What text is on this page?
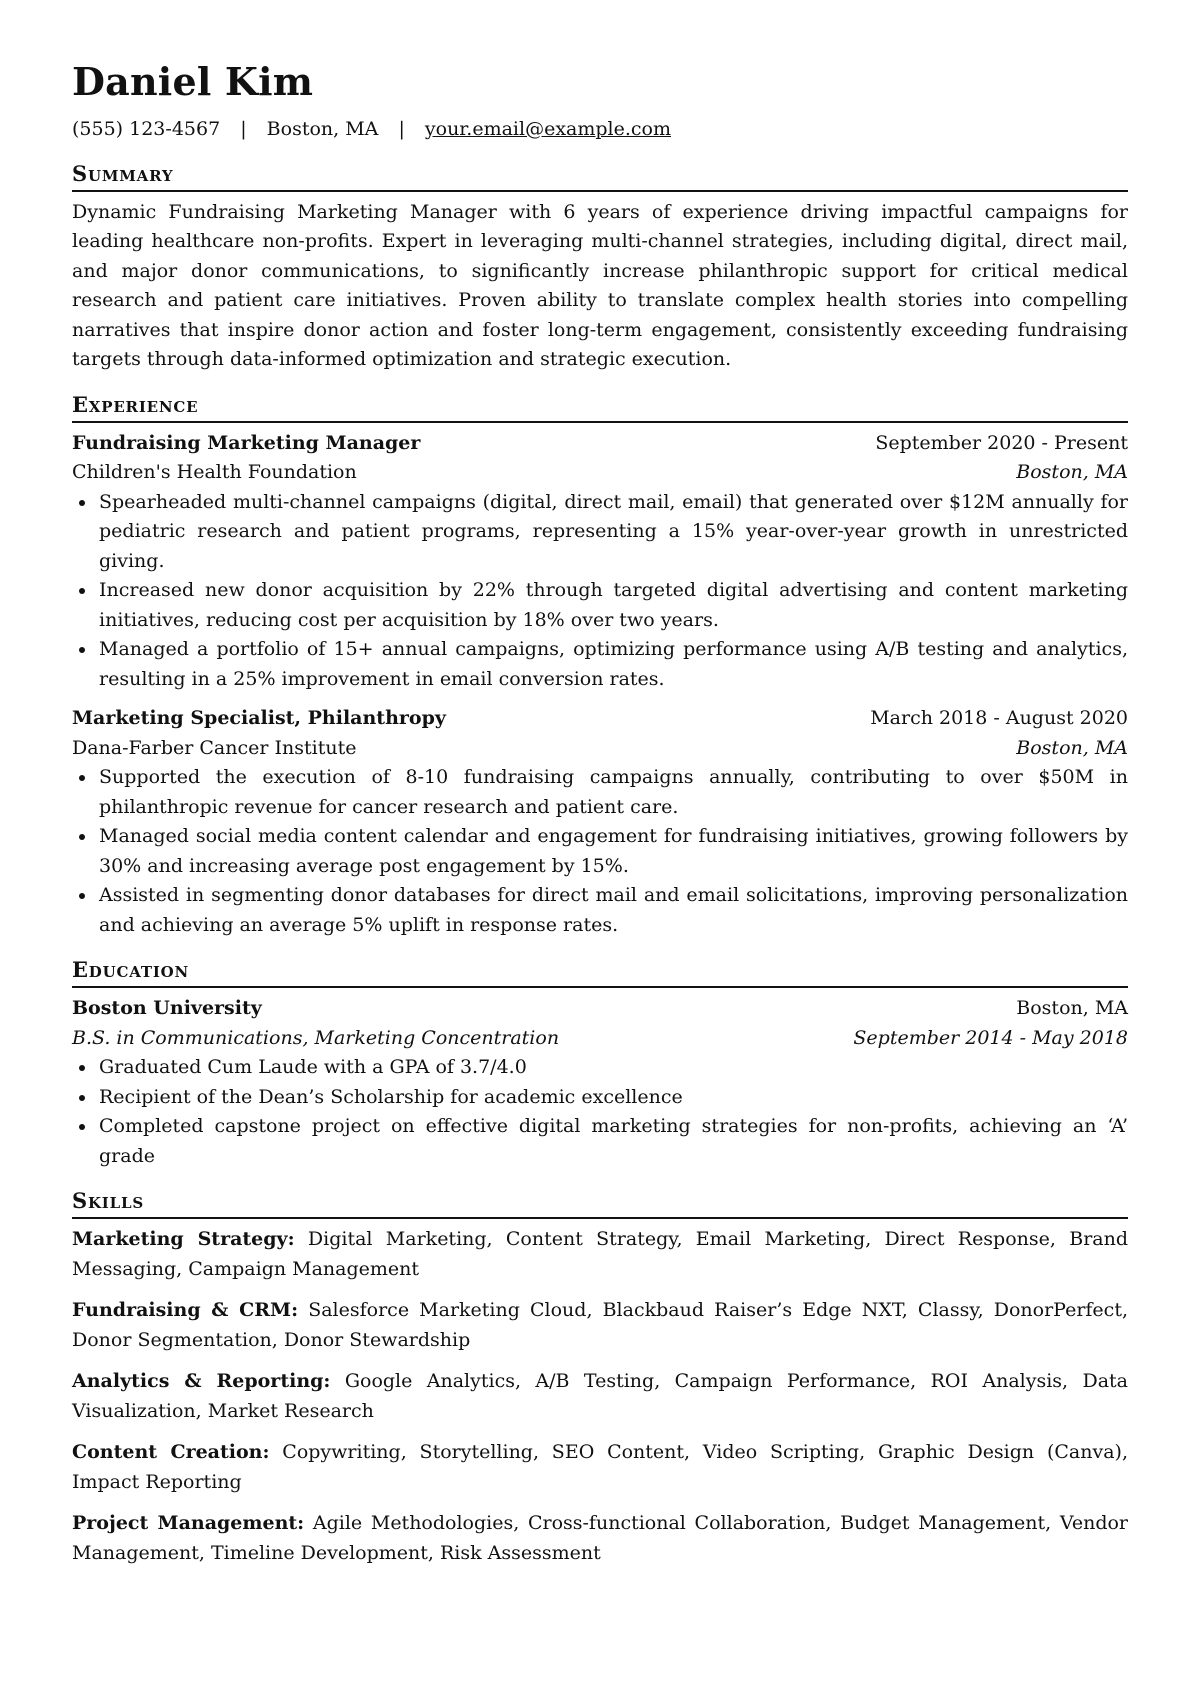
Daniel Kim
(555) 123-4567 | Boston, MA | your.email@example.com
Summary

Dynamic Fundraising Marketing Manager with 6 years of experience driving impactful campaigns for leading healthcare non-profits. Expert in leveraging multi-channel strategies, including digital, direct mail, and major donor communications, to significantly increase philanthropic support for critical medical research and patient care initiatives. Proven ability to translate complex health stories into compelling narratives that inspire donor action and foster long-term engagement, consistently exceeding fundraising targets through data-informed optimization and strategic execution.

Experience
Fundraising Marketing Manager	September 2020 - Present
Children's Health Foundation	Boston, MA
Spearheaded multi-channel campaigns (digital, direct mail, email) that generated over $12M annually for pediatric research and patient programs, representing a 15% year-over-year growth in unrestricted giving.
Increased new donor acquisition by 22% through targeted digital advertising and content marketing initiatives, reducing cost per acquisition by 18% over two years.
Managed a portfolio of 15+ annual campaigns, optimizing performance using A/B testing and analytics, resulting in a 25% improvement in email conversion rates.
Marketing Specialist, Philanthropy	March 2018 - August 2020
Dana-Farber Cancer Institute	Boston, MA
Supported the execution of 8-10 fundraising campaigns annually, contributing to over $50M in philanthropic revenue for cancer research and patient care.
Managed social media content calendar and engagement for fundraising initiatives, growing followers by 30% and increasing average post engagement by 15%.
Assisted in segmenting donor databases for direct mail and email solicitations, improving personalization and achieving an average 5% uplift in response rates.
Education
Boston University	Boston, MA
B.S. in Communications, Marketing Concentration	September 2014 - May 2018
Graduated Cum Laude with a GPA of 3.7/4.0
Recipient of the Dean’s Scholarship for academic excellence
Completed capstone project on effective digital marketing strategies for non-profits, achieving an ‘A’ grade
Skills

Marketing Strategy: Digital Marketing, Content Strategy, Email Marketing, Direct Response, Brand Messaging, Campaign Management

Fundraising & CRM: Salesforce Marketing Cloud, Blackbaud Raiser’s Edge NXT, Classy, DonorPerfect, Donor Segmentation, Donor Stewardship

Analytics & Reporting: Google Analytics, A/B Testing, Campaign Performance, ROI Analysis, Data Visualization, Market Research

Content Creation: Copywriting, Storytelling, SEO Content, Video Scripting, Graphic Design (Canva), Impact Reporting

Project Management: Agile Methodologies, Cross-functional Collaboration, Budget Management, Vendor Management, Timeline Development, Risk Assessment
